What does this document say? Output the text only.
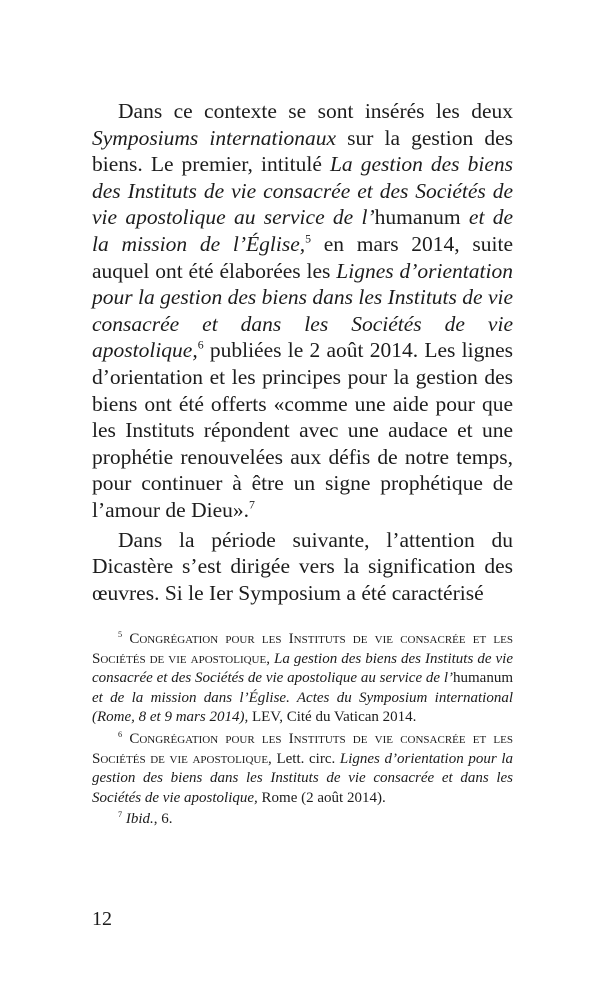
Dans ce contexte se sont insérés les deux Symposiums internationaux sur la gestion des biens. Le premier, intitulé La gestion des biens des Instituts de vie consacrée et des Sociétés de vie apostolique au service de l’humanum et de la mission de l’Église,$^5$ en mars 2014, suite auquel ont été élaborées les Lignes d’orientation pour la gestion des biens dans les Instituts de vie consacrée et dans les Sociétés de vie apostolique,$^6$ publiées le 2 août 2014. Les lignes d’orientation et les principes pour la gestion des biens ont été offerts «comme une aide pour que les Instituts répondent avec une audace et une prophétie renouvelées aux défis de notre temps, pour continuer à être un signe prophétique de l’amour de Dieu».$^7$

Dans la période suivante, l’attention du Dicastère s’est dirigée vers la signification des œuvres. Si le Ier Symposium a été caractérisé

$^5$ Congrégation pour les Instituts de vie consacrée et les Sociétés de vie apostolique, La gestion des biens des Instituts de vie consacrée et des Sociétés de vie apostolique au service de l’humanum et de la mission dans l’Église. Actes du Symposium international (Rome, 8 et 9 mars 2014), LEV, Cité du Vatican 2014.

$^6$ Congrégation pour les Instituts de vie consacrée et les Sociétés de vie apostolique, Lett. circ. Lignes d’orientation pour la gestion des biens dans les Instituts de vie consacrée et dans les Sociétés de vie apostolique, Rome (2 août 2014).

$^7$ Ibid., 6.

12
